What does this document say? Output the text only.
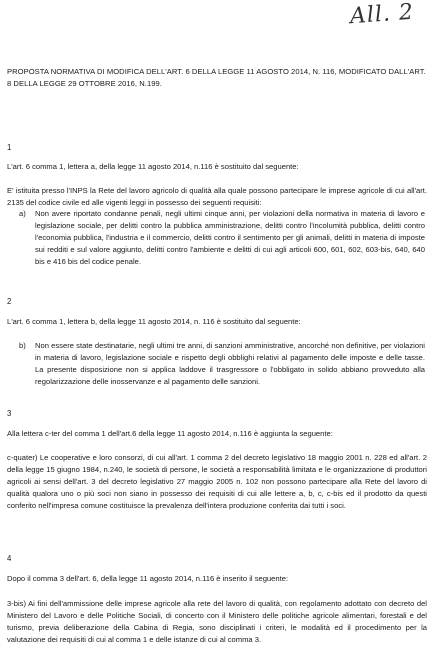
All. 2
PROPOSTA NORMATIVA DI MODIFICA DELL'ART. 6 DELLA LEGGE 11 AGOSTO 2014, N. 116, MODIFICATO DALL'ART. 8 DELLA LEGGE 29 OTTOBRE 2016, N.199.
1
L'art. 6 comma 1, lettera a, della legge 11 agosto 2014, n.116 è sostituito dal seguente:
E' istituita presso l'INPS la Rete del lavoro agricolo di qualità alla quale possono partecipare le imprese agricole di cui all'art. 2135 del codice civile ed alle vigenti leggi in possesso dei seguenti requisiti:
a) Non avere riportato condanne penali, negli ultimi cinque anni, per violazioni della normativa in materia di lavoro e legislazione sociale, per delitti contro la pubblica amministrazione, delitti contro l'incolumità pubblica, delitti contro l'economia pubblica, l'industria e il commercio, delitti contro il sentimento per gli animali, delitti in materia di imposte sui redditi e sul valore aggiunto, delitti contro l'ambiente e delitti di cui agli articoli 600, 601, 602, 603-bis, 640, 640 bis e 416 bis del codice penale.
2
L'art. 6 comma 1, lettera b, della legge 11 agosto 2014, n. 116 è sostituito dal seguente:
b) Non essere state destinatarie, negli ultimi tre anni, di sanzioni amministrative, ancorché non definitive, per violazioni in materia di lavoro, legislazione sociale e rispetto degli obblighi relativi al pagamento delle imposte e delle tasse. La presente disposizione non si applica laddove il trasgressore o l'obbligato in solido abbiano provveduto alla regolarizzazione delle inosservanze e al pagamento delle sanzioni.
3
Alla lettera c-ter del comma 1 dell'art.6 della legge 11 agosto 2014, n.116 è aggiunta la seguente:
c-quater) Le cooperative e loro consorzi, di cui all'art. 1 comma 2 del decreto legislativo 18 maggio 2001 n. 228 ed all'art. 2 della legge 15 giugno 1984, n.240, le società di persone, le società a responsabilità limitata e le organizzazione di produttori agricoli ai sensi dell'art. 3 del decreto legislativo 27 maggio 2005 n. 102 non possono partecipare alla Rete del lavoro di qualità qualora uno o più soci non siano in possesso dei requisiti di cui alle lettere a, b, c, c-bis ed il prodotto da questi conferito nell'impresa comune costituisce la prevalenza dell'intera produzione conferita dai tutti i soci.
4
Dopo il comma 3 dell'art. 6, della legge 11 agosto 2014, n.116 è inserito il seguente:
3-bis) Ai fini dell'ammissione delle imprese agricole alla rete del lavoro di qualità, con regolamento adottato con decreto del Ministero del Lavoro e delle Politiche Sociali, di concerto con il Ministero delle politiche agricole alimentari, forestali e del turismo, previa deliberazione della Cabina di Regia, sono disciplinati i criteri, le modalità ed il procedimento per la valutazione dei requisiti di cui al comma 1 e delle istanze di cui al comma 3.
